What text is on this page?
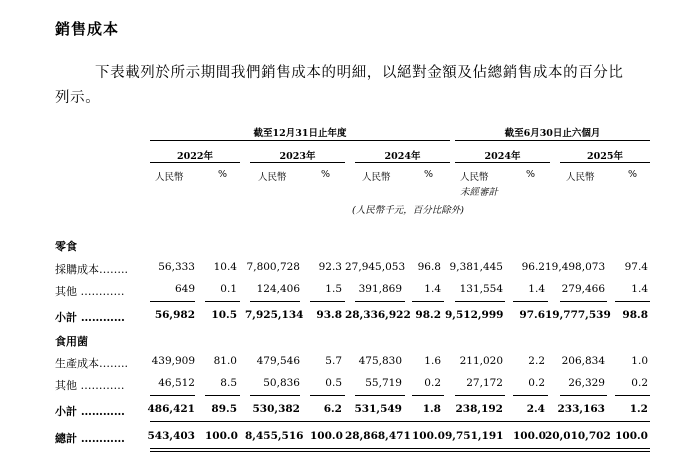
銷售成本
下表載列於所示期間我們銷售成本的明細，以絕對金額及佔總銷售成本的百分比
列示。
截至12月31日止年度	截至6月30日止六個月
2022年	2023年	2024年	2024年	2025年
人民幣	%	人民幣	%	人民幣	%	人民幣	%	人民幣	%
未經審計
(人民幣千元，百分比除外)
零食
採購成本……..	56,333	10.4 7,800,728	92.3 27,945,053	96.8 9,381,445	96.2 19,498,073	97.4
其他 …………	649	0.1	124,406	1.5	391,869	1.4	131,554	1.4	279,466	1.4
小計 …………	56,982	10.5 7,925,134	93.8 28,336,922 98.2 9,512,999	97.6 19,777,539	98.8
食用菌
生產成本……..	439,909	81.0	479,546	5.7	475,830	1.6	211,020	2.2	206,834	1.0
其他 …………	46,512	8.5	50,836	0.5	55,719	0.2	27,172	0.2	26,329	0.2
小計 …………	486,421	89.5	530,382	6.2	531,549	1.8	238,192	2.4	233,163	1.2
總計 …………	543,403 100.0 8,455,516 100.0 28,868,471 100.0 9,751,191 100.0 20,010,702 100.0
